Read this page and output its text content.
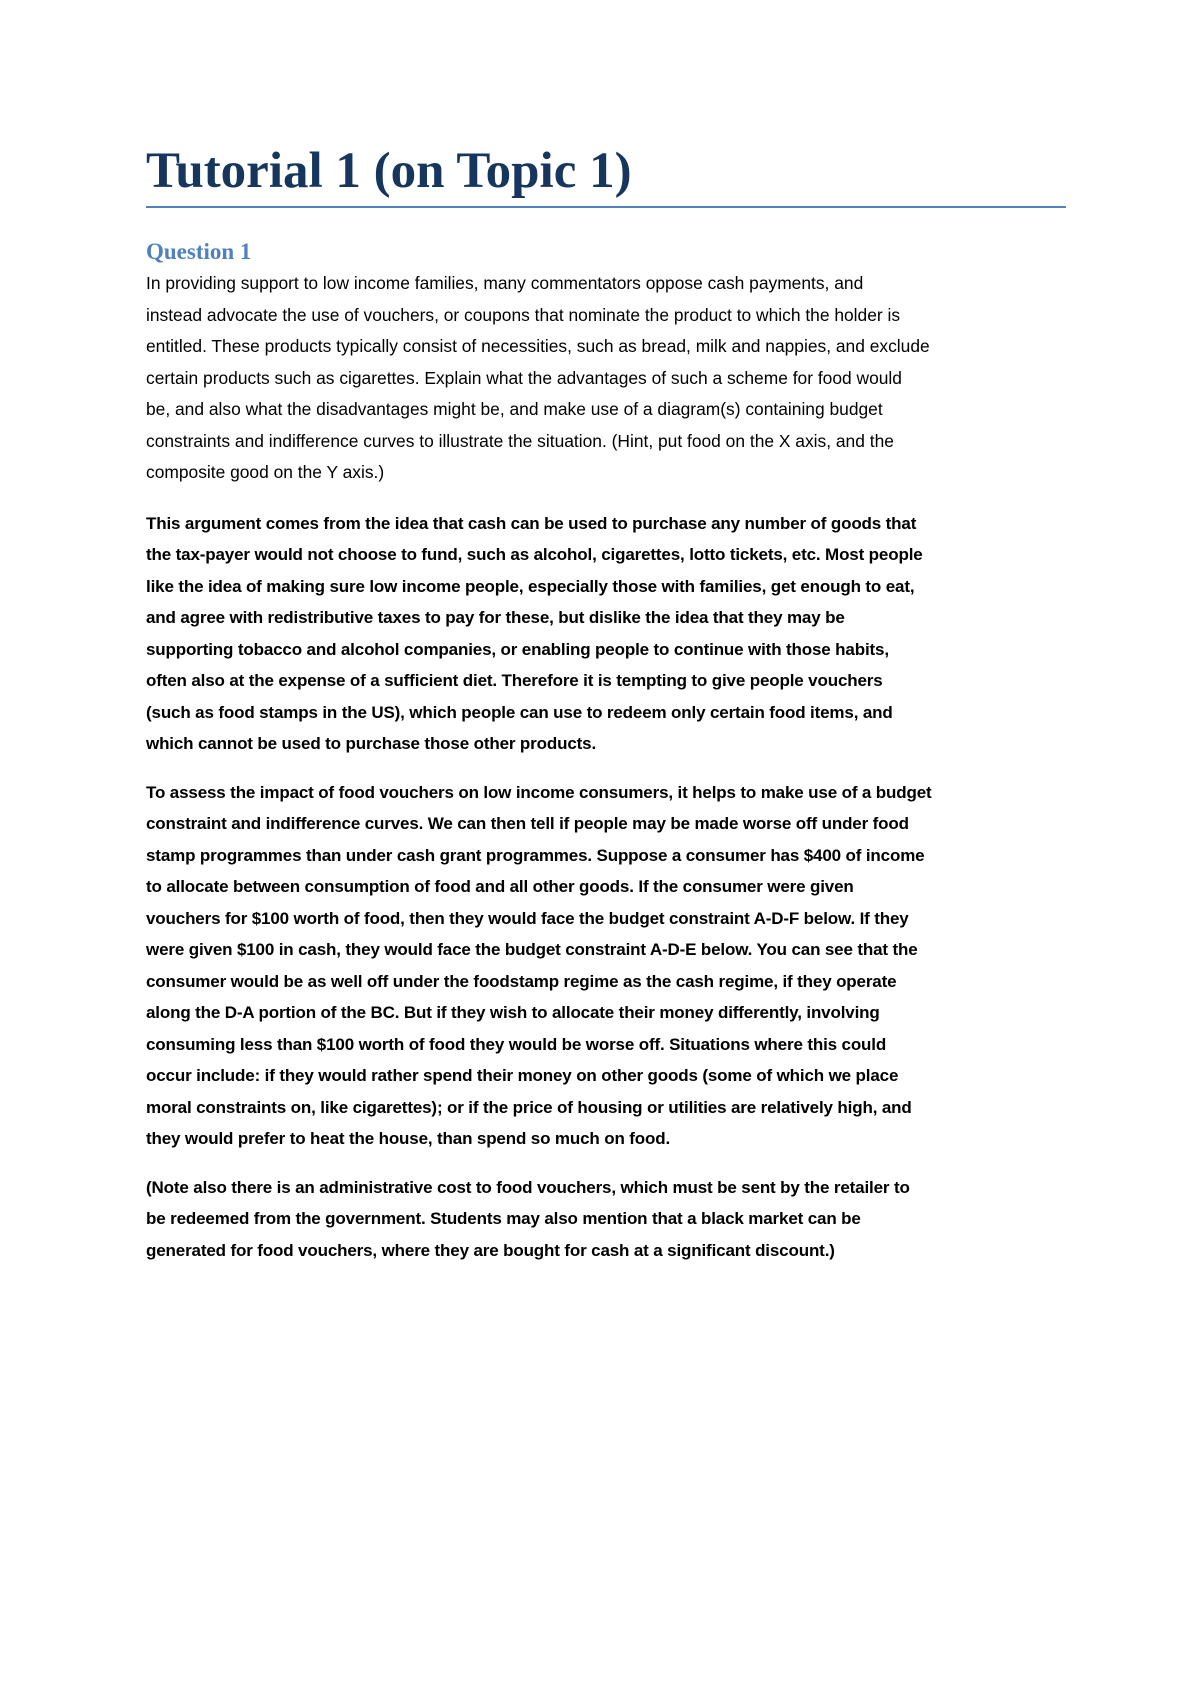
Tutorial 1 (on Topic 1)
Question 1

In providing support to low income families, many commentators oppose cash payments, and
instead advocate the use of vouchers, or coupons that nominate the product to which the holder is
entitled. These products typically consist of necessities, such as bread, milk and nappies, and exclude
certain products such as cigarettes. Explain what the advantages of such a scheme for food would
be, and also what the disadvantages might be, and make use of a diagram(s) containing budget
constraints and indifference curves to illustrate the situation. (Hint, put food on the X axis, and the
composite good on the Y axis.)

This argument comes from the idea that cash can be used to purchase any number of goods that
the tax-payer would not choose to fund, such as alcohol, cigarettes, lotto tickets, etc. Most people
like the idea of making sure low income people, especially those with families, get enough to eat,
and agree with redistributive taxes to pay for these, but dislike the idea that they may be
supporting tobacco and alcohol companies, or enabling people to continue with those habits,
often also at the expense of a sufficient diet. Therefore it is tempting to give people vouchers
(such as food stamps in the US), which people can use to redeem only certain food items, and
which cannot be used to purchase those other products.

To assess the impact of food vouchers on low income consumers, it helps to make use of a budget
constraint and indifference curves. We can then tell if people may be made worse off under food
stamp programmes than under cash grant programmes. Suppose a consumer has $400 of income
to allocate between consumption of food and all other goods. If the consumer were given
vouchers for $100 worth of food, then they would face the budget constraint A-D-F below. If they
were given $100 in cash, they would face the budget constraint A-D-E below. You can see that the
consumer would be as well off under the foodstamp regime as the cash regime, if they operate
along the D-A portion of the BC. But if they wish to allocate their money differently, involving
consuming less than $100 worth of food they would be worse off. Situations where this could
occur include: if they would rather spend their money on other goods (some of which we place
moral constraints on, like cigarettes); or if the price of housing or utilities are relatively high, and
they would prefer to heat the house, than spend so much on food.

(Note also there is an administrative cost to food vouchers, which must be sent by the retailer to
be redeemed from the government. Students may also mention that a black market can be
generated for food vouchers, where they are bought for cash at a significant discount.)
